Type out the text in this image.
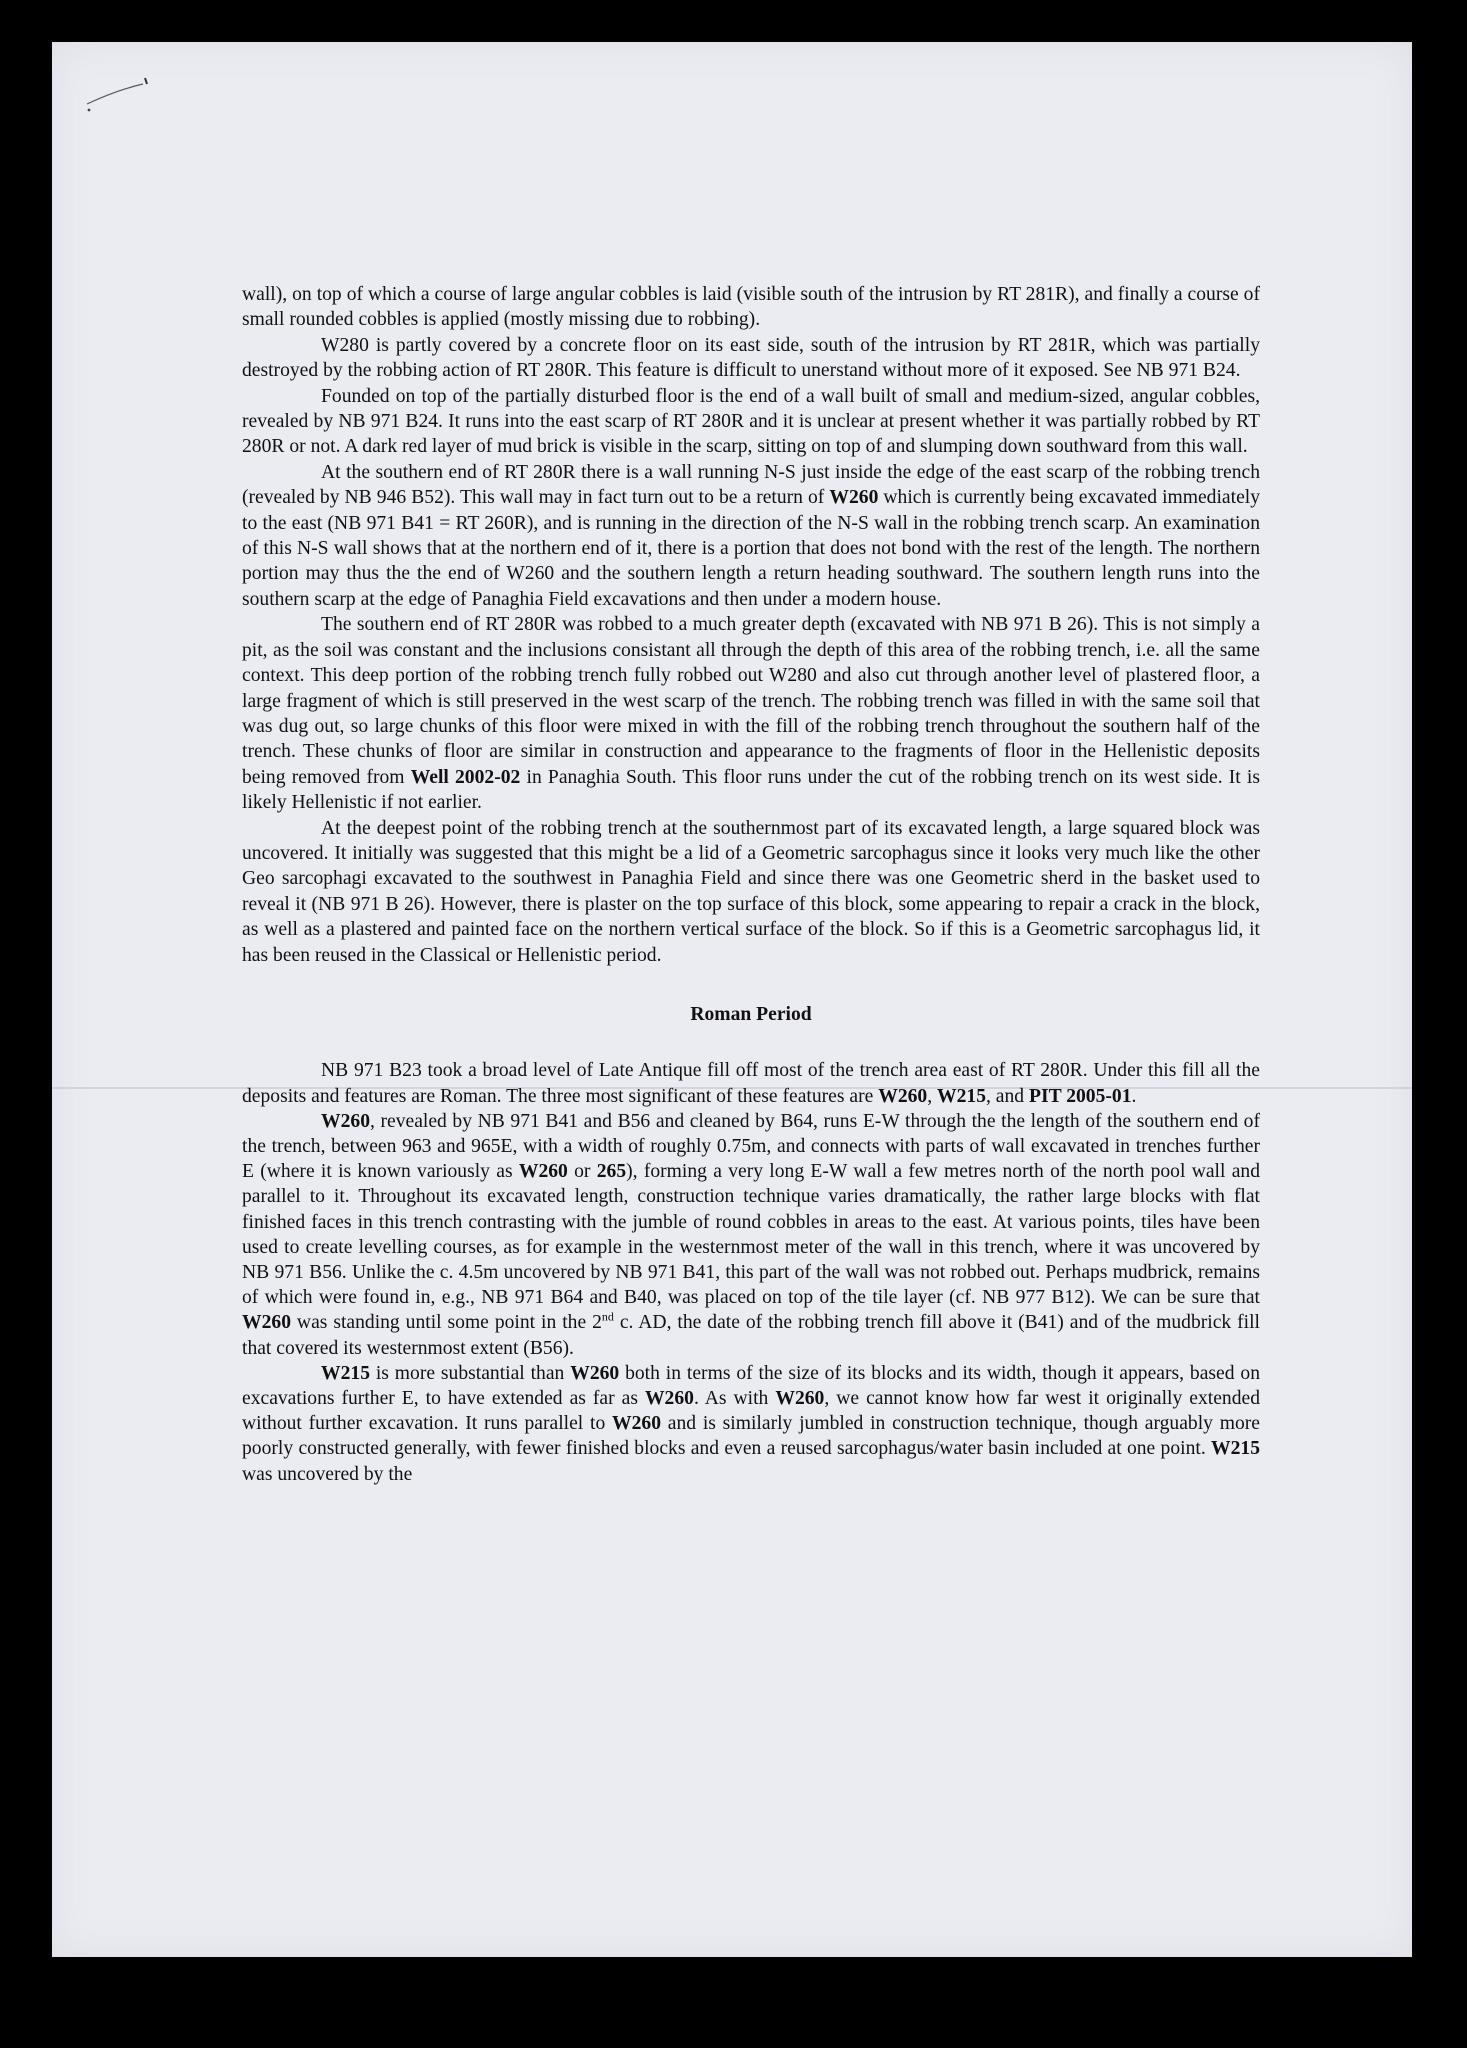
wall), on top of which a course of large angular cobbles is laid (visible south of the intrusion by RT 281R), and finally a course of small rounded cobbles is applied (mostly missing due to robbing).

W280 is partly covered by a concrete floor on its east side, south of the intrusion by RT 281R, which was partially destroyed by the robbing action of RT 280R. This feature is difficult to unerstand without more of it exposed. See NB 971 B24.

Founded on top of the partially disturbed floor is the end of a wall built of small and medium-sized, angular cobbles, revealed by NB 971 B24. It runs into the east scarp of RT 280R and it is unclear at present whether it was partially robbed by RT 280R or not. A dark red layer of mud brick is visible in the scarp, sitting on top of and slumping down southward from this wall.

At the southern end of RT 280R there is a wall running N-S just inside the edge of the east scarp of the robbing trench (revealed by NB 946 B52). This wall may in fact turn out to be a return of W260 which is currently being excavated immediately to the east (NB 971 B41 = RT 260R), and is running in the direction of the N-S wall in the robbing trench scarp. An examination of this N-S wall shows that at the northern end of it, there is a portion that does not bond with the rest of the length. The northern portion may thus the the end of W260 and the southern length a return heading southward. The southern length runs into the southern scarp at the edge of Panaghia Field excavations and then under a modern house.

The southern end of RT 280R was robbed to a much greater depth (excavated with NB 971 B 26). This is not simply a pit, as the soil was constant and the inclusions consistant all through the depth of this area of the robbing trench, i.e. all the same context. This deep portion of the robbing trench fully robbed out W280 and also cut through another level of plastered floor, a large fragment of which is still preserved in the west scarp of the trench. The robbing trench was filled in with the same soil that was dug out, so large chunks of this floor were mixed in with the fill of the robbing trench throughout the southern half of the trench. These chunks of floor are similar in construction and appearance to the fragments of floor in the Hellenistic deposits being removed from Well 2002-02 in Panaghia South. This floor runs under the cut of the robbing trench on its west side. It is likely Hellenistic if not earlier.

At the deepest point of the robbing trench at the southernmost part of its excavated length, a large squared block was uncovered. It initially was suggested that this might be a lid of a Geometric sarcophagus since it looks very much like the other Geo sarcophagi excavated to the southwest in Panaghia Field and since there was one Geometric sherd in the basket used to reveal it (NB 971 B 26). However, there is plaster on the top surface of this block, some appearing to repair a crack in the block, as well as a plastered and painted face on the northern vertical surface of the block. So if this is a Geometric sarcophagus lid, it has been reused in the Classical or Hellenistic period.

Roman Period

NB 971 B23 took a broad level of Late Antique fill off most of the trench area east of RT 280R. Under this fill all the deposits and features are Roman. The three most significant of these features are W260, W215, and PIT 2005-01.

W260, revealed by NB 971 B41 and B56 and cleaned by B64, runs E-W through the the length of the southern end of the trench, between 963 and 965E, with a width of roughly 0.75m, and connects with parts of wall excavated in trenches further E (where it is known variously as W260 or 265), forming a very long E-W wall a few metres north of the north pool wall and parallel to it. Throughout its excavated length, construction technique varies dramatically, the rather large blocks with flat finished faces in this trench contrasting with the jumble of round cobbles in areas to the east. At various points, tiles have been used to create levelling courses, as for example in the westernmost meter of the wall in this trench, where it was uncovered by NB 971 B56. Unlike the c. 4.5m uncovered by NB 971 B41, this part of the wall was not robbed out. Perhaps mudbrick, remains of which were found in, e.g., NB 971 B64 and B40, was placed on top of the tile layer (cf. NB 977 B12). We can be sure that W260 was standing until some point in the 2nd c. AD, the date of the robbing trench fill above it (B41) and of the mudbrick fill that covered its westernmost extent (B56).

W215 is more substantial than W260 both in terms of the size of its blocks and its width, though it appears, based on excavations further E, to have extended as far as W260. As with W260, we cannot know how far west it originally extended without further excavation. It runs parallel to W260 and is similarly jumbled in construction technique, though arguably more poorly constructed generally, with fewer finished blocks and even a reused sarcophagus/water basin included at one point. W215 was uncovered by the
